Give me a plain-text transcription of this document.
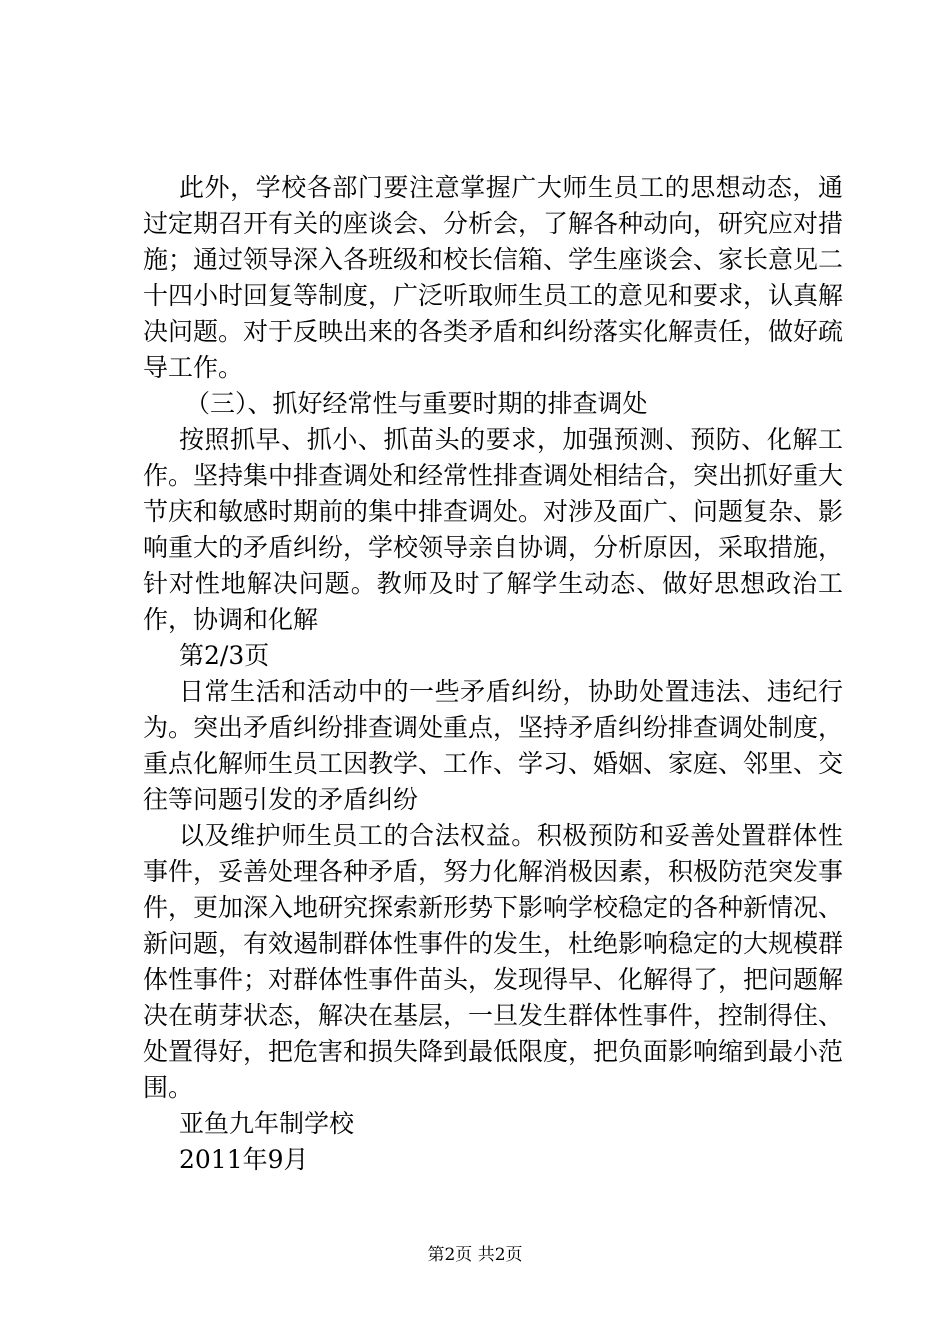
此外，学校各部门要注意掌握广大师生员工的思想动态，通过定期召开有关的座谈会、分析会，了解各种动向，研究应对措施；通过领导深入各班级和校长信箱、学生座谈会、家长意见二十四小时回复等制度，广泛听取师生员工的意见和要求，认真解决问题。对于反映出来的各类矛盾和纠纷落实化解责任，做好疏导工作。

（三）、抓好经常性与重要时期的排查调处

按照抓早、抓小、抓苗头的要求，加强预测、预防、化解工作。坚持集中排查调处和经常性排查调处相结合，突出抓好重大节庆和敏感时期前的集中排查调处。对涉及面广、问题复杂、影响重大的矛盾纠纷，学校领导亲自协调，分析原因，采取措施，针对性地解决问题。教师及时了解学生动态、做好思想政治工作，协调和化解

第2/3页

日常生活和活动中的一些矛盾纠纷，协助处置违法、违纪行为。突出矛盾纠纷排查调处重点，坚持矛盾纠纷排查调处制度，重点化解师生员工因教学、工作、学习、婚姻、家庭、邻里、交往等问题引发的矛盾纠纷

以及维护师生员工的合法权益。积极预防和妥善处置群体性事件，妥善处理各种矛盾，努力化解消极因素，积极防范突发事件，更加深入地研究探索新形势下影响学校稳定的各种新情况、新问题，有效遏制群体性事件的发生，杜绝影响稳定的大规模群体性事件；对群体性事件苗头，发现得早、化解得了，把问题解决在萌芽状态，解决在基层，一旦发生群体性事件，控制得住、处置得好，把危害和损失降到最低限度，把负面影响缩到最小范围。

亚鱼九年制学校

2011年9月

第2页 共2页
